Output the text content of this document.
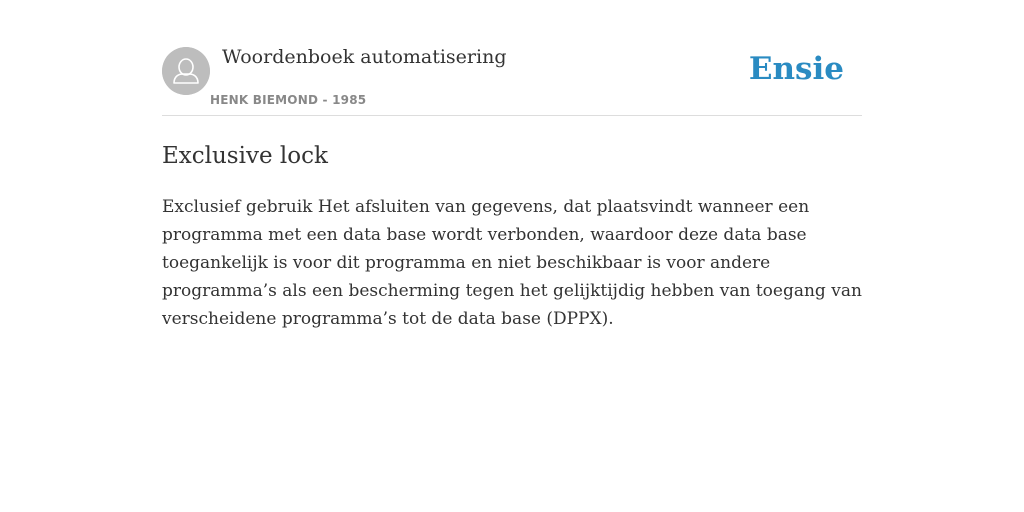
Woordenboek automatisering
HENK BIEMOND - 1985
Ensie
Exclusive lock

Exclusief gebruik Het afsluiten van gegevens, dat plaatsvindt wanneer een programma met een data base wordt verbonden, waardoor deze data base toegankelijk is voor dit programma en niet beschikbaar is voor andere programma’s als een bescherming tegen het gelijktijdig hebben van toegang van verscheidene programma’s tot de data base (DPPX).
